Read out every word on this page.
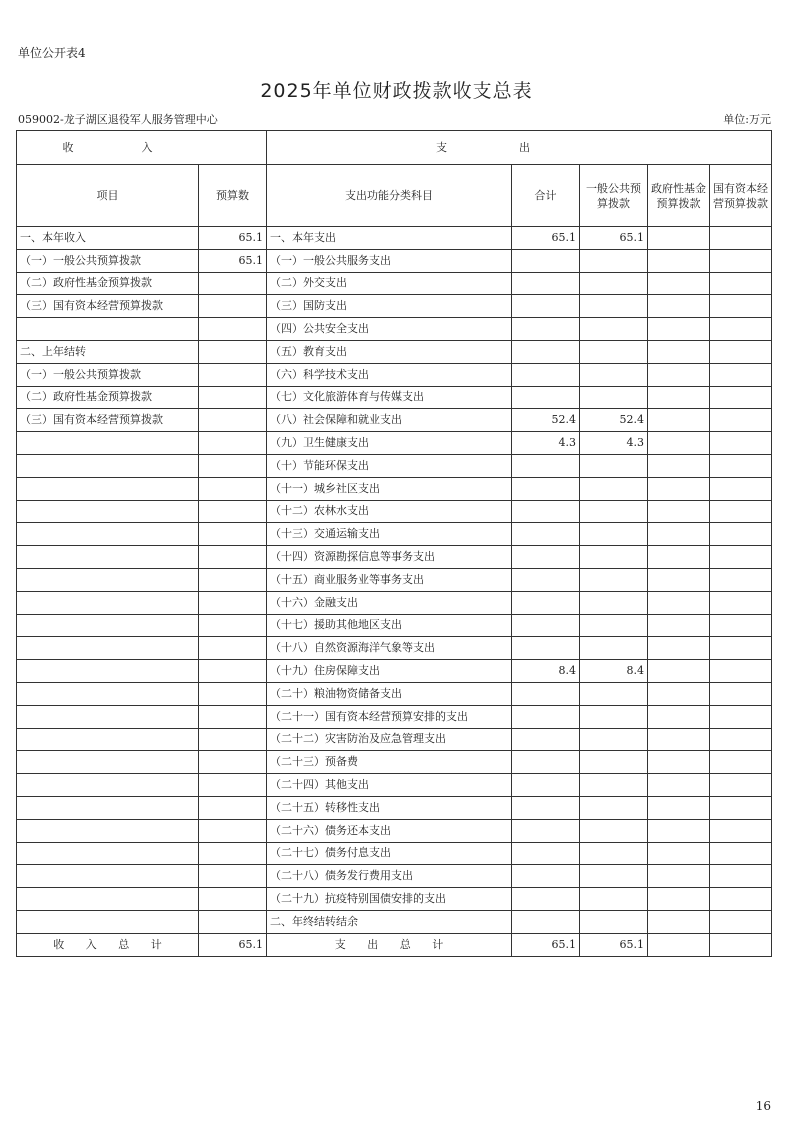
单位公开表4
2025年单位财政拨款收支总表
059002-龙子湖区退役军人服务管理中心	单位:万元
收入		支出				
项目	预算数	支出功能分类科目	合计	一般公共预算拨款	政府性基金预算拨款	国有资本经营预算拨款
一、本年收入	65.1	一、本年支出	65.1	65.1		
（一）一般公共预算拨款	65.1	（一）一般公共服务支出				
（二）政府性基金预算拨款		（二）外交支出				
（三）国有资本经营预算拨款		（三）国防支出				
		（四）公共安全支出				
二、上年结转		（五）教育支出				
（一）一般公共预算拨款		（六）科学技术支出				
（二）政府性基金预算拨款		（七）文化旅游体育与传媒支出				
（三）国有资本经营预算拨款		（八）社会保障和就业支出	52.4	52.4		
		（九）卫生健康支出	4.3	4.3		
		（十）节能环保支出				
		（十一）城乡社区支出				
		（十二）农林水支出				
		（十三）交通运输支出				
		（十四）资源勘探信息等事务支出				
		（十五）商业服务业等事务支出				
		（十六）金融支出				
		（十七）援助其他地区支出				
		（十八）自然资源海洋气象等支出				
		（十九）住房保障支出	8.4	8.4		
		（二十）粮油物资储备支出				
		（二十一）国有资本经营预算安排的支出				
		（二十二）灾害防治及应急管理支出				
		（二十三）预备费				
		（二十四）其他支出				
		（二十五）转移性支出				
		（二十六）债务还本支出				
		（二十七）债务付息支出				
		（二十八）债务发行费用支出				
		（二十九）抗疫特别国债安排的支出				
		二、年终结转结余				
收 入 总 计	65.1	支 出 总 计	65.1	65.1		
16
